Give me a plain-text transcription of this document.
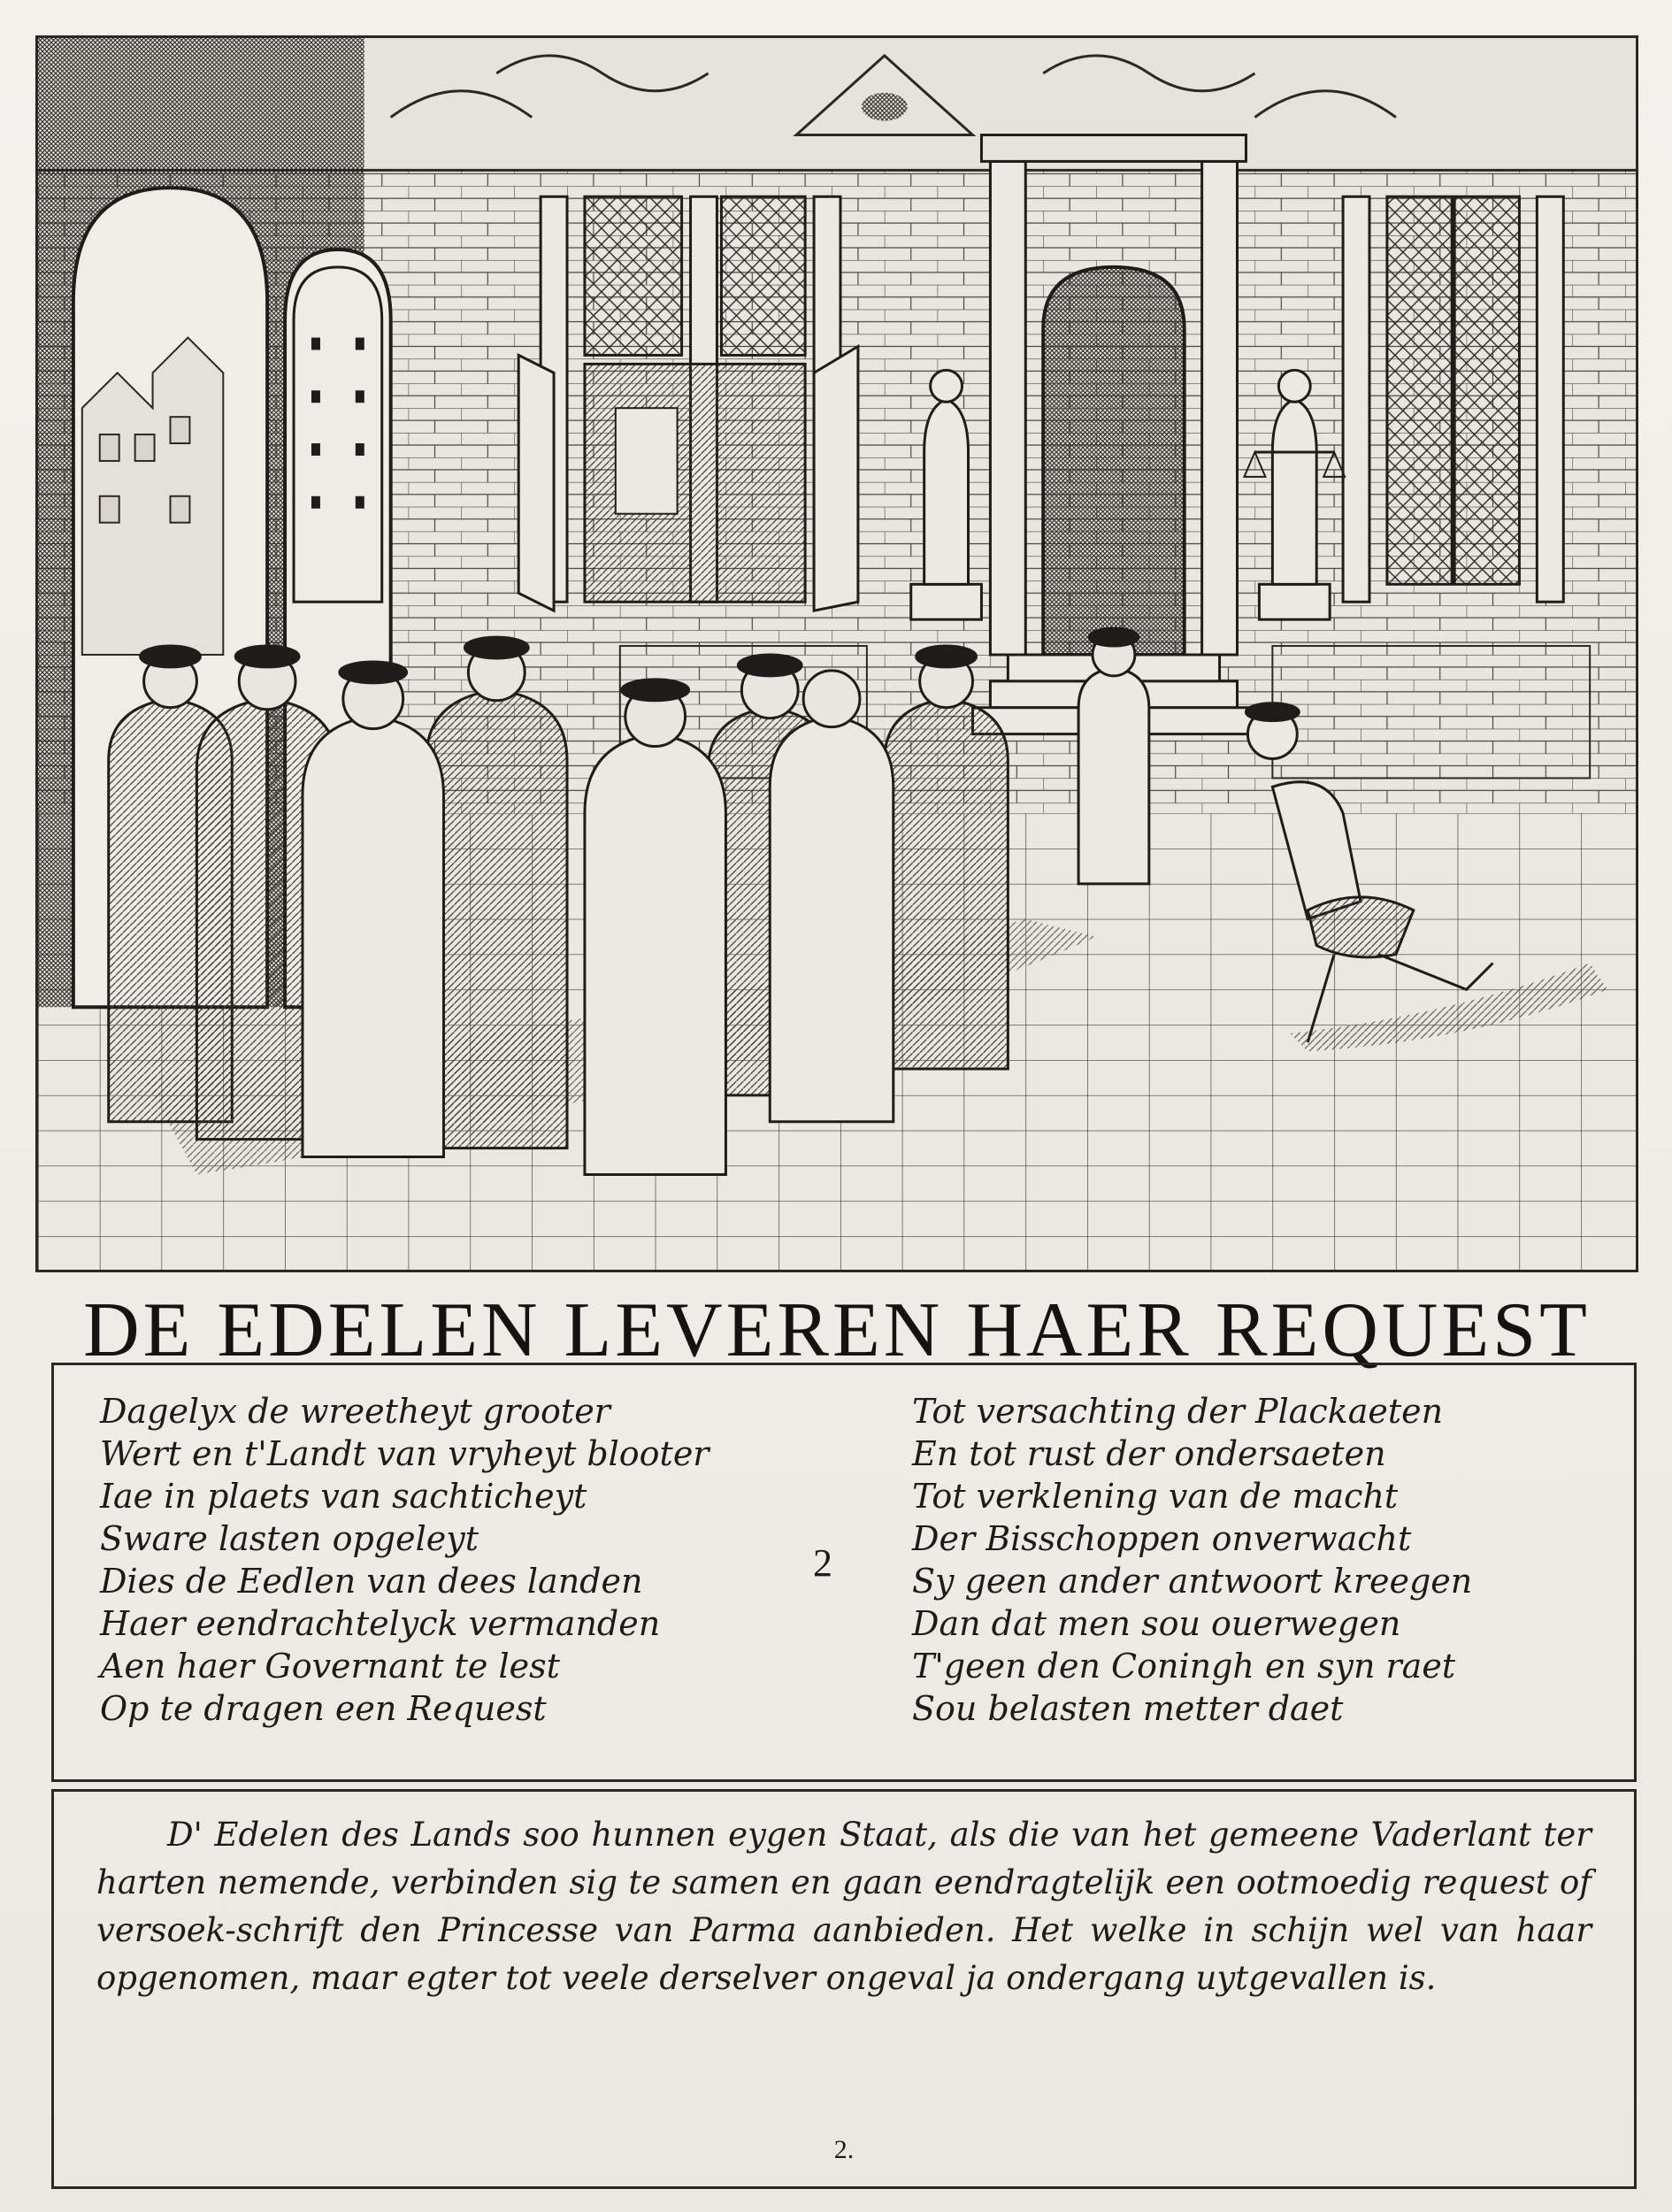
DE EDELEN LEVEREN HAER REQUEST
Dagelyx de wreetheyt grooter
Wert en t'Landt van vryheyt blooter
Iae in plaets van sachticheyt
Sware lasten opgeleyt
Dies de Eedlen van dees landen
Haer eendrachtelyck vermanden
Aen haer Governant te lest
Op te dragen een Request
2
Tot versachting der Plackaeten
En tot rust der ondersaeten
Tot verklening van de macht
Der Bisschoppen onverwacht
Sy geen ander antwoort kreegen
Dan dat men sou ouerwegen
T'geen den Coningh en syn raet
Sou belasten metter daet
D' Edelen des Lands soo hunnen eygen Staat, als die van het gemeene Vaderlant ter harten nemende, verbinden sig te samen en gaan eendragtelijk een ootmoedig request of versoek-schrift den Princesse van Parma aanbieden. Het welke in schijn wel van haar opgenomen, maar egter tot veele derselver ongeval ja ondergang uytgevallen is.
2.
